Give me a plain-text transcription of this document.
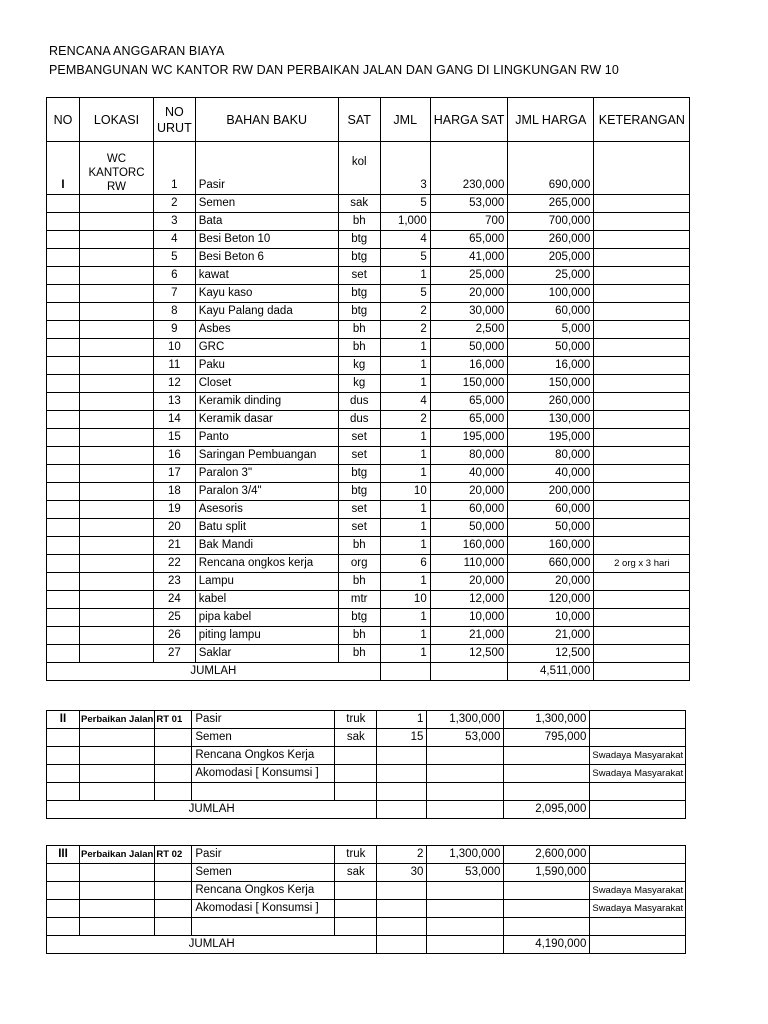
RENCANA ANGGARAN BIAYA
PEMBANGUNAN WC KANTOR RW DAN PERBAIKAN JALAN DAN GANG DI LINGKUNGAN RW 10
NO	LOKASI	NO URUT	BAHAN BAKU	SAT	JML	HARGA SAT	JML HARGA	KETERANGAN
I	WC KANTORC RW	1	Pasir	kol	3	230,000	690,000	
		2	Semen	sak	5	53,000	265,000	
		3	Bata	bh	1,000	700	700,000	
		4	Besi Beton 10	btg	4	65,000	260,000	
		5	Besi Beton 6	btg	5	41,000	205,000	
		6	kawat	set	1	25,000	25,000	
		7	Kayu kaso	btg	5	20,000	100,000	
		8	Kayu Palang dada	btg	2	30,000	60,000	
		9	Asbes	bh	2	2,500	5,000	
		10	GRC	bh	1	50,000	50,000	
		11	Paku	kg	1	16,000	16,000	
		12	Closet	kg	1	150,000	150,000	
		13	Keramik dinding	dus	4	65,000	260,000	
		14	Keramik dasar	dus	2	65,000	130,000	
		15	Panto	set	1	195,000	195,000	
		16	Saringan Pembuangan	set	1	80,000	80,000	
		17	Paralon 3"	btg	1	40,000	40,000	
		18	Paralon 3/4"	btg	10	20,000	200,000	
		19	Asesoris	set	1	60,000	60,000	
		20	Batu split	set	1	50,000	50,000	
		21	Bak Mandi	bh	1	160,000	160,000	
		22	Rencana ongkos kerja	org	6	110,000	660,000	2 org x 3 hari
		23	Lampu	bh	1	20,000	20,000	
		24	kabel	mtr	10	12,000	120,000	
		25	pipa kabel	btg	1	10,000	10,000	
		26	piting lampu	bh	1	21,000	21,000	
		27	Saklar	bh	1	12,500	12,500	
JUMLAH							4,511,000	
II	Perbaikan Jalan	RT 01	Pasir	truk	1	1,300,000	1,300,000	
			Semen	sak	15	53,000	795,000	
			Rencana Ongkos Kerja					Swadaya Masyarakat
			Akomodasi [ Konsumsi ]					Swadaya Masyarakat

JUMLAH							2,095,000	
III	Perbaikan Jalan	RT 02	Pasir	truk	2	1,300,000	2,600,000	
			Semen	sak	30	53,000	1,590,000	
			Rencana Ongkos Kerja					Swadaya Masyarakat
			Akomodasi [ Konsumsi ]					Swadaya Masyarakat

JUMLAH							4,190,000	
